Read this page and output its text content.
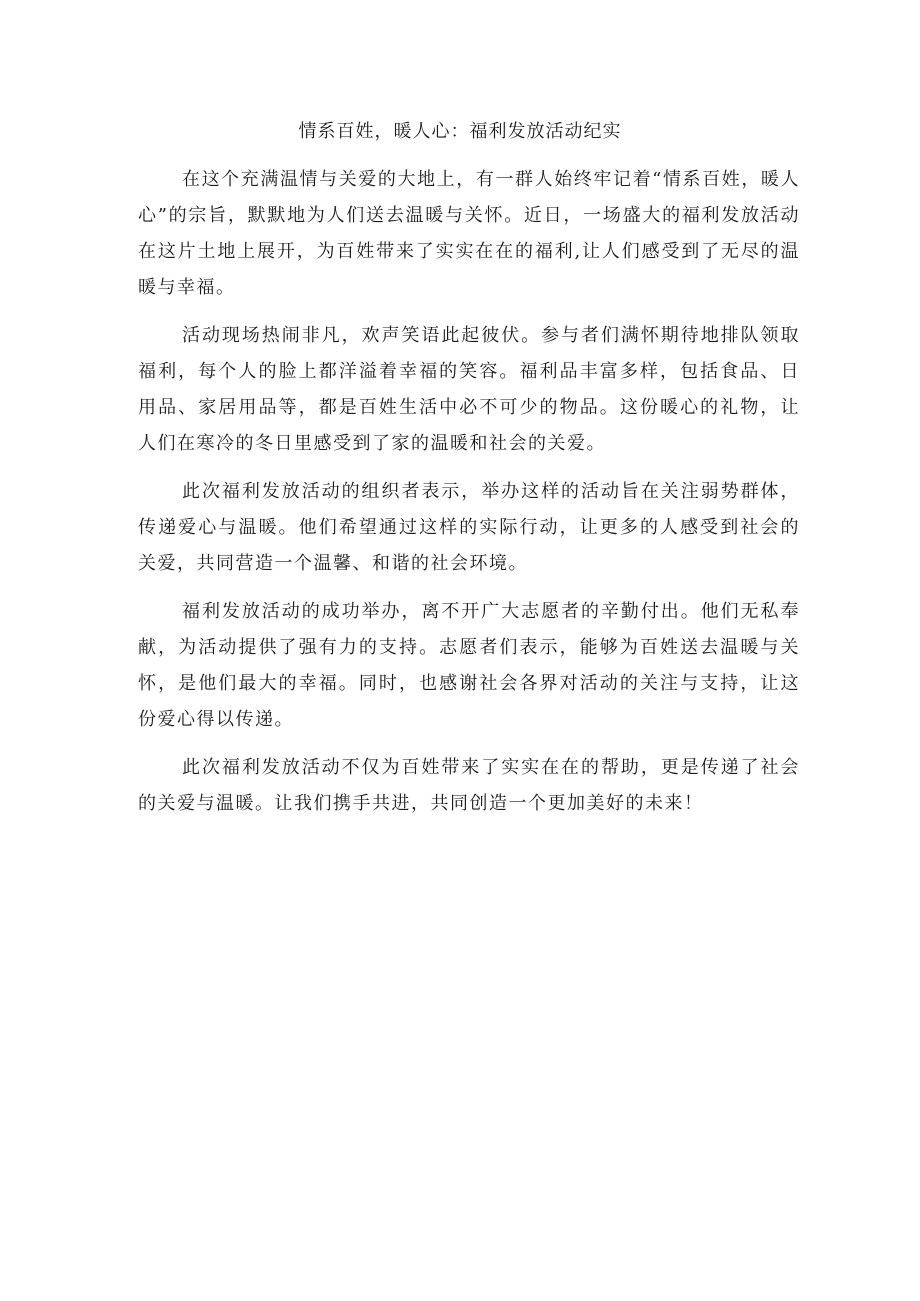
情系百姓，暖人心：福利发放活动纪实

在这个充满温情与关爱的大地上，有一群人始终牢记着“情系百姓，暖人心”的宗旨，默默地为人们送去温暖与关怀。近日，一场盛大的福利发放活动在这片土地上展开，为百姓带来了实实在在的福利,让人们感受到了无尽的温暖与幸福。

活动现场热闹非凡，欢声笑语此起彼伏。参与者们满怀期待地排队领取福利，每个人的脸上都洋溢着幸福的笑容。福利品丰富多样，包括食品、日用品、家居用品等，都是百姓生活中必不可少的物品。这份暖心的礼物，让人们在寒冷的冬日里感受到了家的温暖和社会的关爱。

此次福利发放活动的组织者表示，举办这样的活动旨在关注弱势群体，传递爱心与温暖。他们希望通过这样的实际行动，让更多的人感受到社会的关爱，共同营造一个温馨、和谐的社会环境。

福利发放活动的成功举办，离不开广大志愿者的辛勤付出。他们无私奉献，为活动提供了强有力的支持。志愿者们表示，能够为百姓送去温暖与关怀，是他们最大的幸福。同时，也感谢社会各界对活动的关注与支持，让这份爱心得以传递。

此次福利发放活动不仅为百姓带来了实实在在的帮助，更是传递了社会的关爱与温暖。让我们携手共进，共同创造一个更加美好的未来！
